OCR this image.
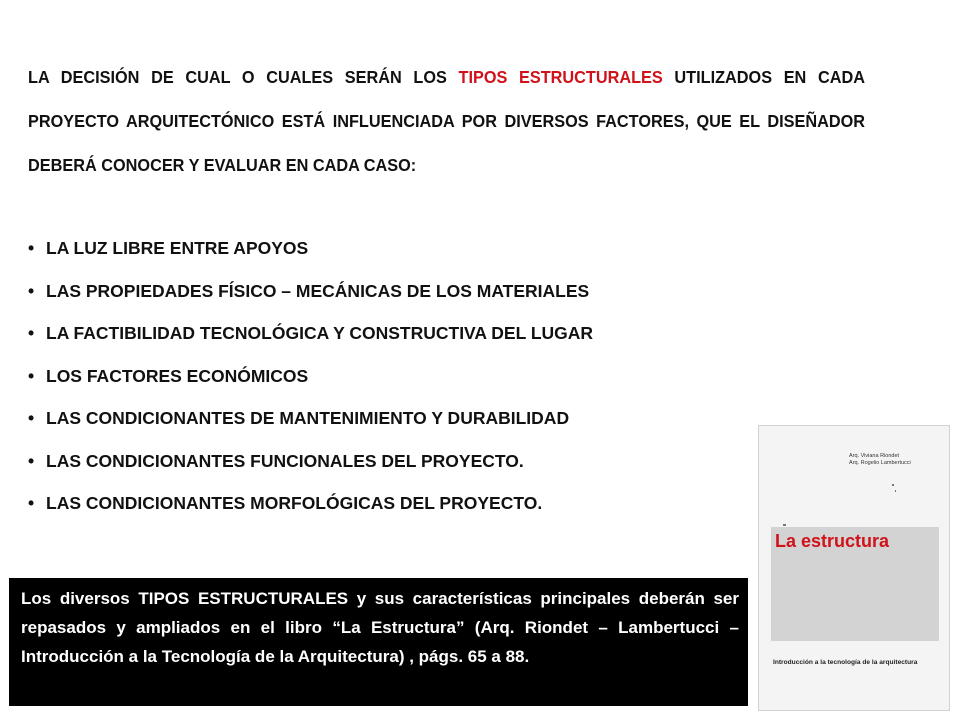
LA DECISIÓN DE CUAL O CUALES SERÁN LOS TIPOS ESTRUCTURALES UTILIZADOS EN CADA PROYECTO ARQUITECTÓNICO ESTÁ INFLUENCIADA POR DIVERSOS FACTORES, QUE EL DISEÑADOR DEBERÁ CONOCER Y EVALUAR EN CADA CASO:

• LA LUZ LIBRE ENTRE APOYOS
• LAS PROPIEDADES FÍSICO – MECÁNICAS DE LOS MATERIALES
• LA FACTIBILIDAD TECNOLÓGICA Y CONSTRUCTIVA DEL LUGAR
• LOS FACTORES ECONÓMICOS
• LAS CONDICIONANTES DE MANTENIMIENTO Y DURABILIDAD
• LAS CONDICIONANTES FUNCIONALES DEL PROYECTO.
• LAS CONDICIONANTES MORFOLÓGICAS DEL PROYECTO.
Los diversos TIPOS ESTRUCTURALES y sus características principales deberán ser repasados y ampliados en el libro “La Estructura” (Arq. Riondet – Lambertucci – Introducción a la Tecnología de la Arquitectura) , págs. 65 a 88.
Arq. Viviana Riondet
Arq. Rogelio Lambertucci
La estructura
Introducción a la tecnología de la arquitectura
